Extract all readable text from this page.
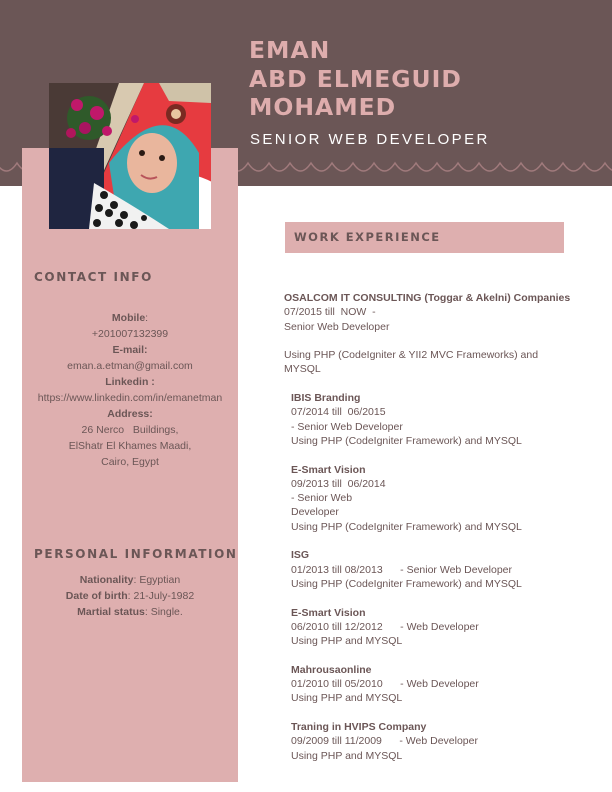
EMAN
ABD ELMEGUID
MOHAMED
SENIOR WEB DEVELOPER
CONTACT INFO
Mobile:
+201007132399
E-mail:
eman.a.etman@gmail.com
Linkedin :
https://www.linkedin.com/in/emanetman
Address:
26 Nerco   Buildings,
ElShatr El Khames Maadi,
Cairo, Egypt
PERSONAL INFORMATION
Nationality: Egyptian
Date of birth: 21-July-1982
Martial status: Single.
WORK EXPERIENCE
OSALCOM IT CONSULTING (Toggar & Akelni) Companies
07/2015 till  NOW  -
Senior Web Developer

Using PHP (CodeIgniter & YII2 MVC Frameworks) and MYSQL
IBIS Branding
07/2014 till  06/2015
- Senior Web Developer
Using PHP (CodeIgniter Framework) and MYSQL
E-Smart Vision
09/2013 till  06/2014
- Senior Web
Developer
Using PHP (CodeIgniter Framework) and MYSQL
ISG
01/2013 till 08/2013      - Senior Web Developer
Using PHP (CodeIgniter Framework) and MYSQL
E-Smart Vision
06/2010 till 12/2012      - Web Developer
Using PHP and MYSQL
Mahrousaonline
01/2010 till 05/2010      - Web Developer
Using PHP and MYSQL
Traning in HVIPS Company
09/2009 till 11/2009      - Web Developer
Using PHP and MYSQL
